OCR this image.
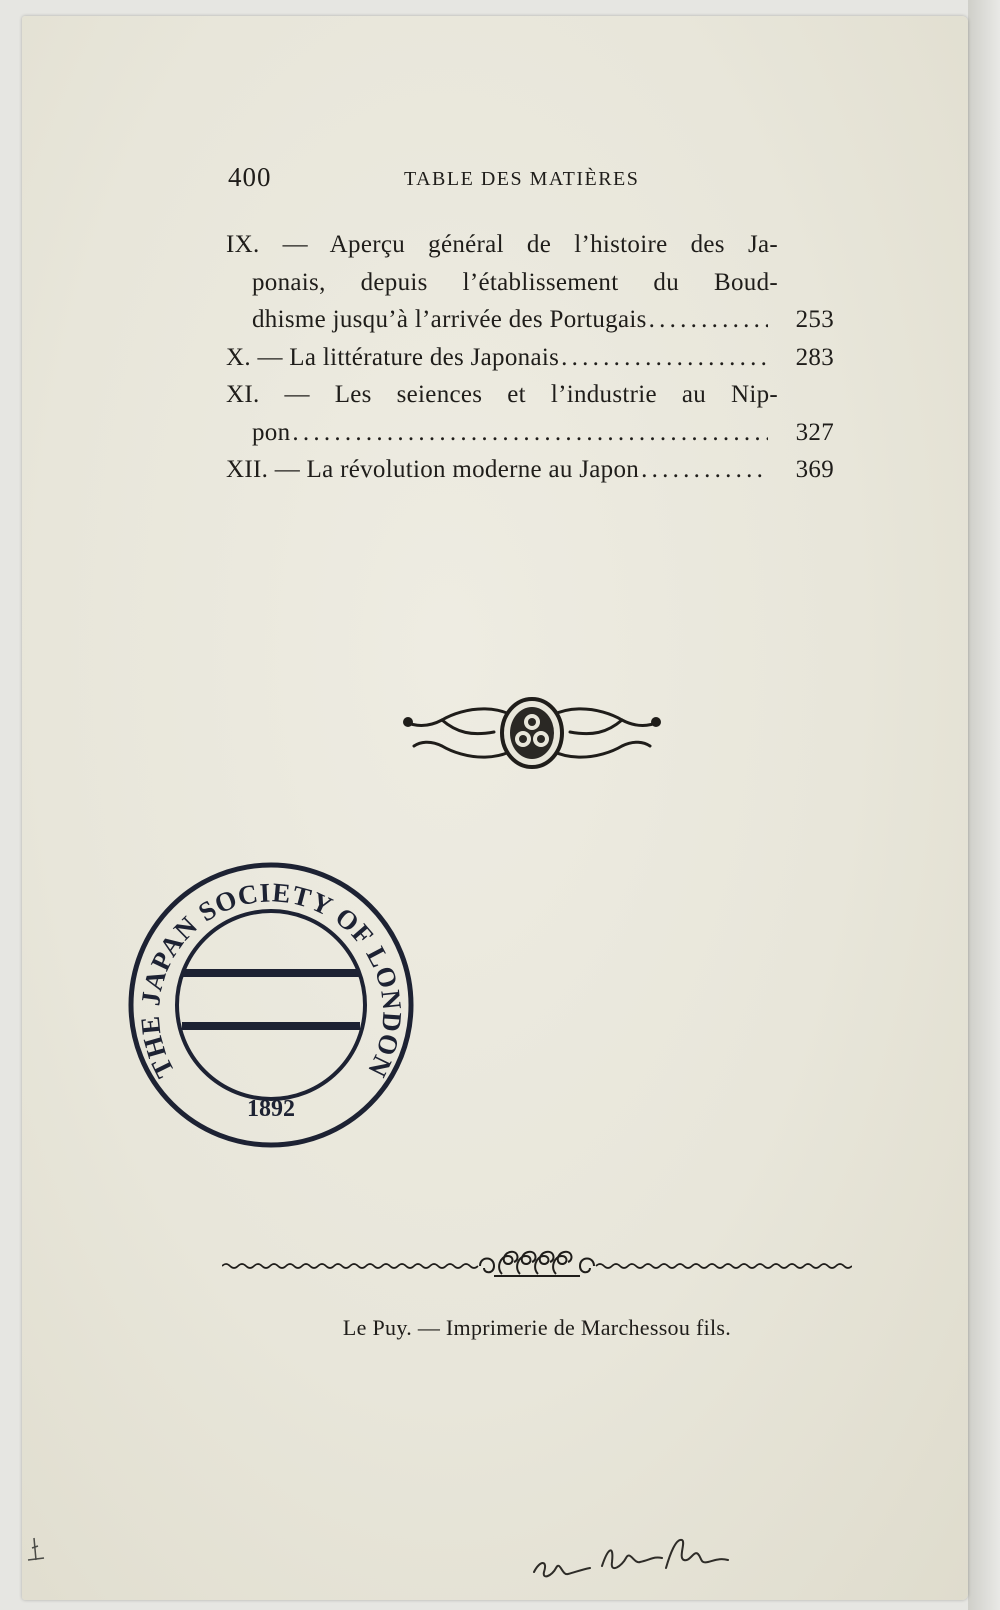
400	TABLE DES MATIÈRES
IX. — Aperçu général de l’histoire des Ja-
ponais, depuis l’établissement du Boud-
dhisme jusqu’à l’arrivée des Portugais . . .	253
X. — La littérature des Japonais . . .	283
XI. — Les seiences et l’industrie au Nip-
pon . . .	327
XII. — La révolution moderne au Japon . . .	369
THE JAPAN SOCIETY OF LONDON
1892
Le Puy. — Imprimerie de Marchessou fils.
